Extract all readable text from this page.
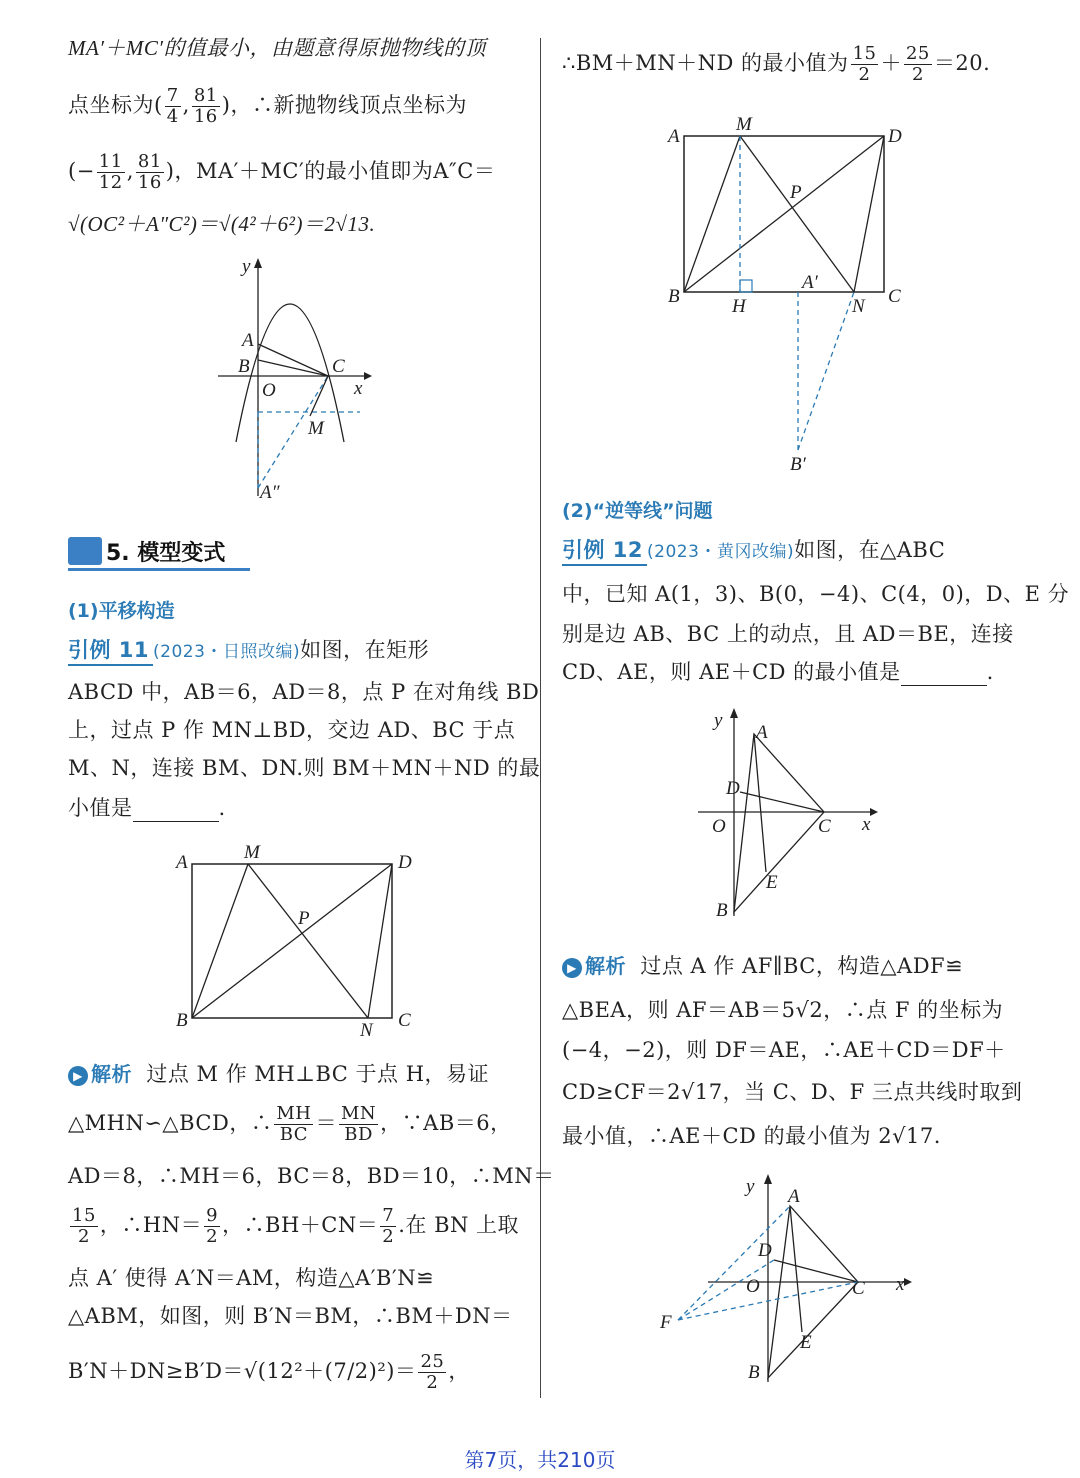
MA′＋MC′的值最小，由题意得原抛物线的顶
点坐标为( $\frac{7}{4}$ , $\frac{81}{16}$ )，∴新抛物线顶点坐标为
(− $\frac{11}{12}$ , $\frac{81}{16}$ )，MA′＋MC′的最小值即为A″C＝
√(OC²＋A″C²)＝√(4²＋6²)＝2√13.
y
A
B	C
O	x
M
A″
5. 模型变式
(1)平移构造
引例 11 (2023・日照改编)如图，在矩形
ABCD 中，AB＝6，AD＝8，点 P 在对角线 BD
上，过点 P 作 MN⊥BD，交边 AD、BC 于点
M、N，连接 BM、DN.则 BM＋MN＋ND 的最
小值是	.
A	M	D
P
B	N C
▶ 解析 过点 M 作 MH⊥BC 于点 H，易证
△MHN∽△BCD，∴ $\frac{MH}{BC} = \frac{MN}{BD}$ ，∵AB＝6，
AD＝8，∴MH＝6，BC＝8，BD＝10，∴MN＝
$\frac{15}{2}$ ，∴HN＝ $\frac{9}{2}$ ，∴BH＋CN＝ $\frac{7}{2}$ .在 BN 上取
点 A′ 使得 A′N＝AM，构造△A′B′N≌
△ABM，如图，则 B′N＝BM，∴BM＋DN＝
$B'N+DN\ge B'D=√(12^2+(7/2)^2)= \frac{25}{2}$ ，
∴BM＋MN＋ND 的最小值为 $\frac{15}{2} + \frac{25}{2} =20$.
A
M
D
P
B	H
A′
N C
B′
(2)“逆等线”问题
引例 12 (2023・黄冈改编)如图，在△ABC
中，已知 A(1，3)、B(0，−4)、C(4，0)，D、E 分
别是边 AB、BC 上的动点，且 AD＝BE，连接
CD、AE，则 AE＋CD 的最小值是	.
y
A
D
O	C x
E
B
▶ 解析 过点 A 作 AF∥BC，构造△ADF≌
△BEA，则 AF＝AB＝5√2，∴点 F 的坐标为
(−4，−2)，则 DF＝AE，∴AE＋CD＝DF＋
CD≥CF＝2√17，当 C、D、F 三点共线时取到
最小值，∴AE＋CD 的最小值为 2√17.
y A
D
O	C x
F
E
B
第7页，共210页
